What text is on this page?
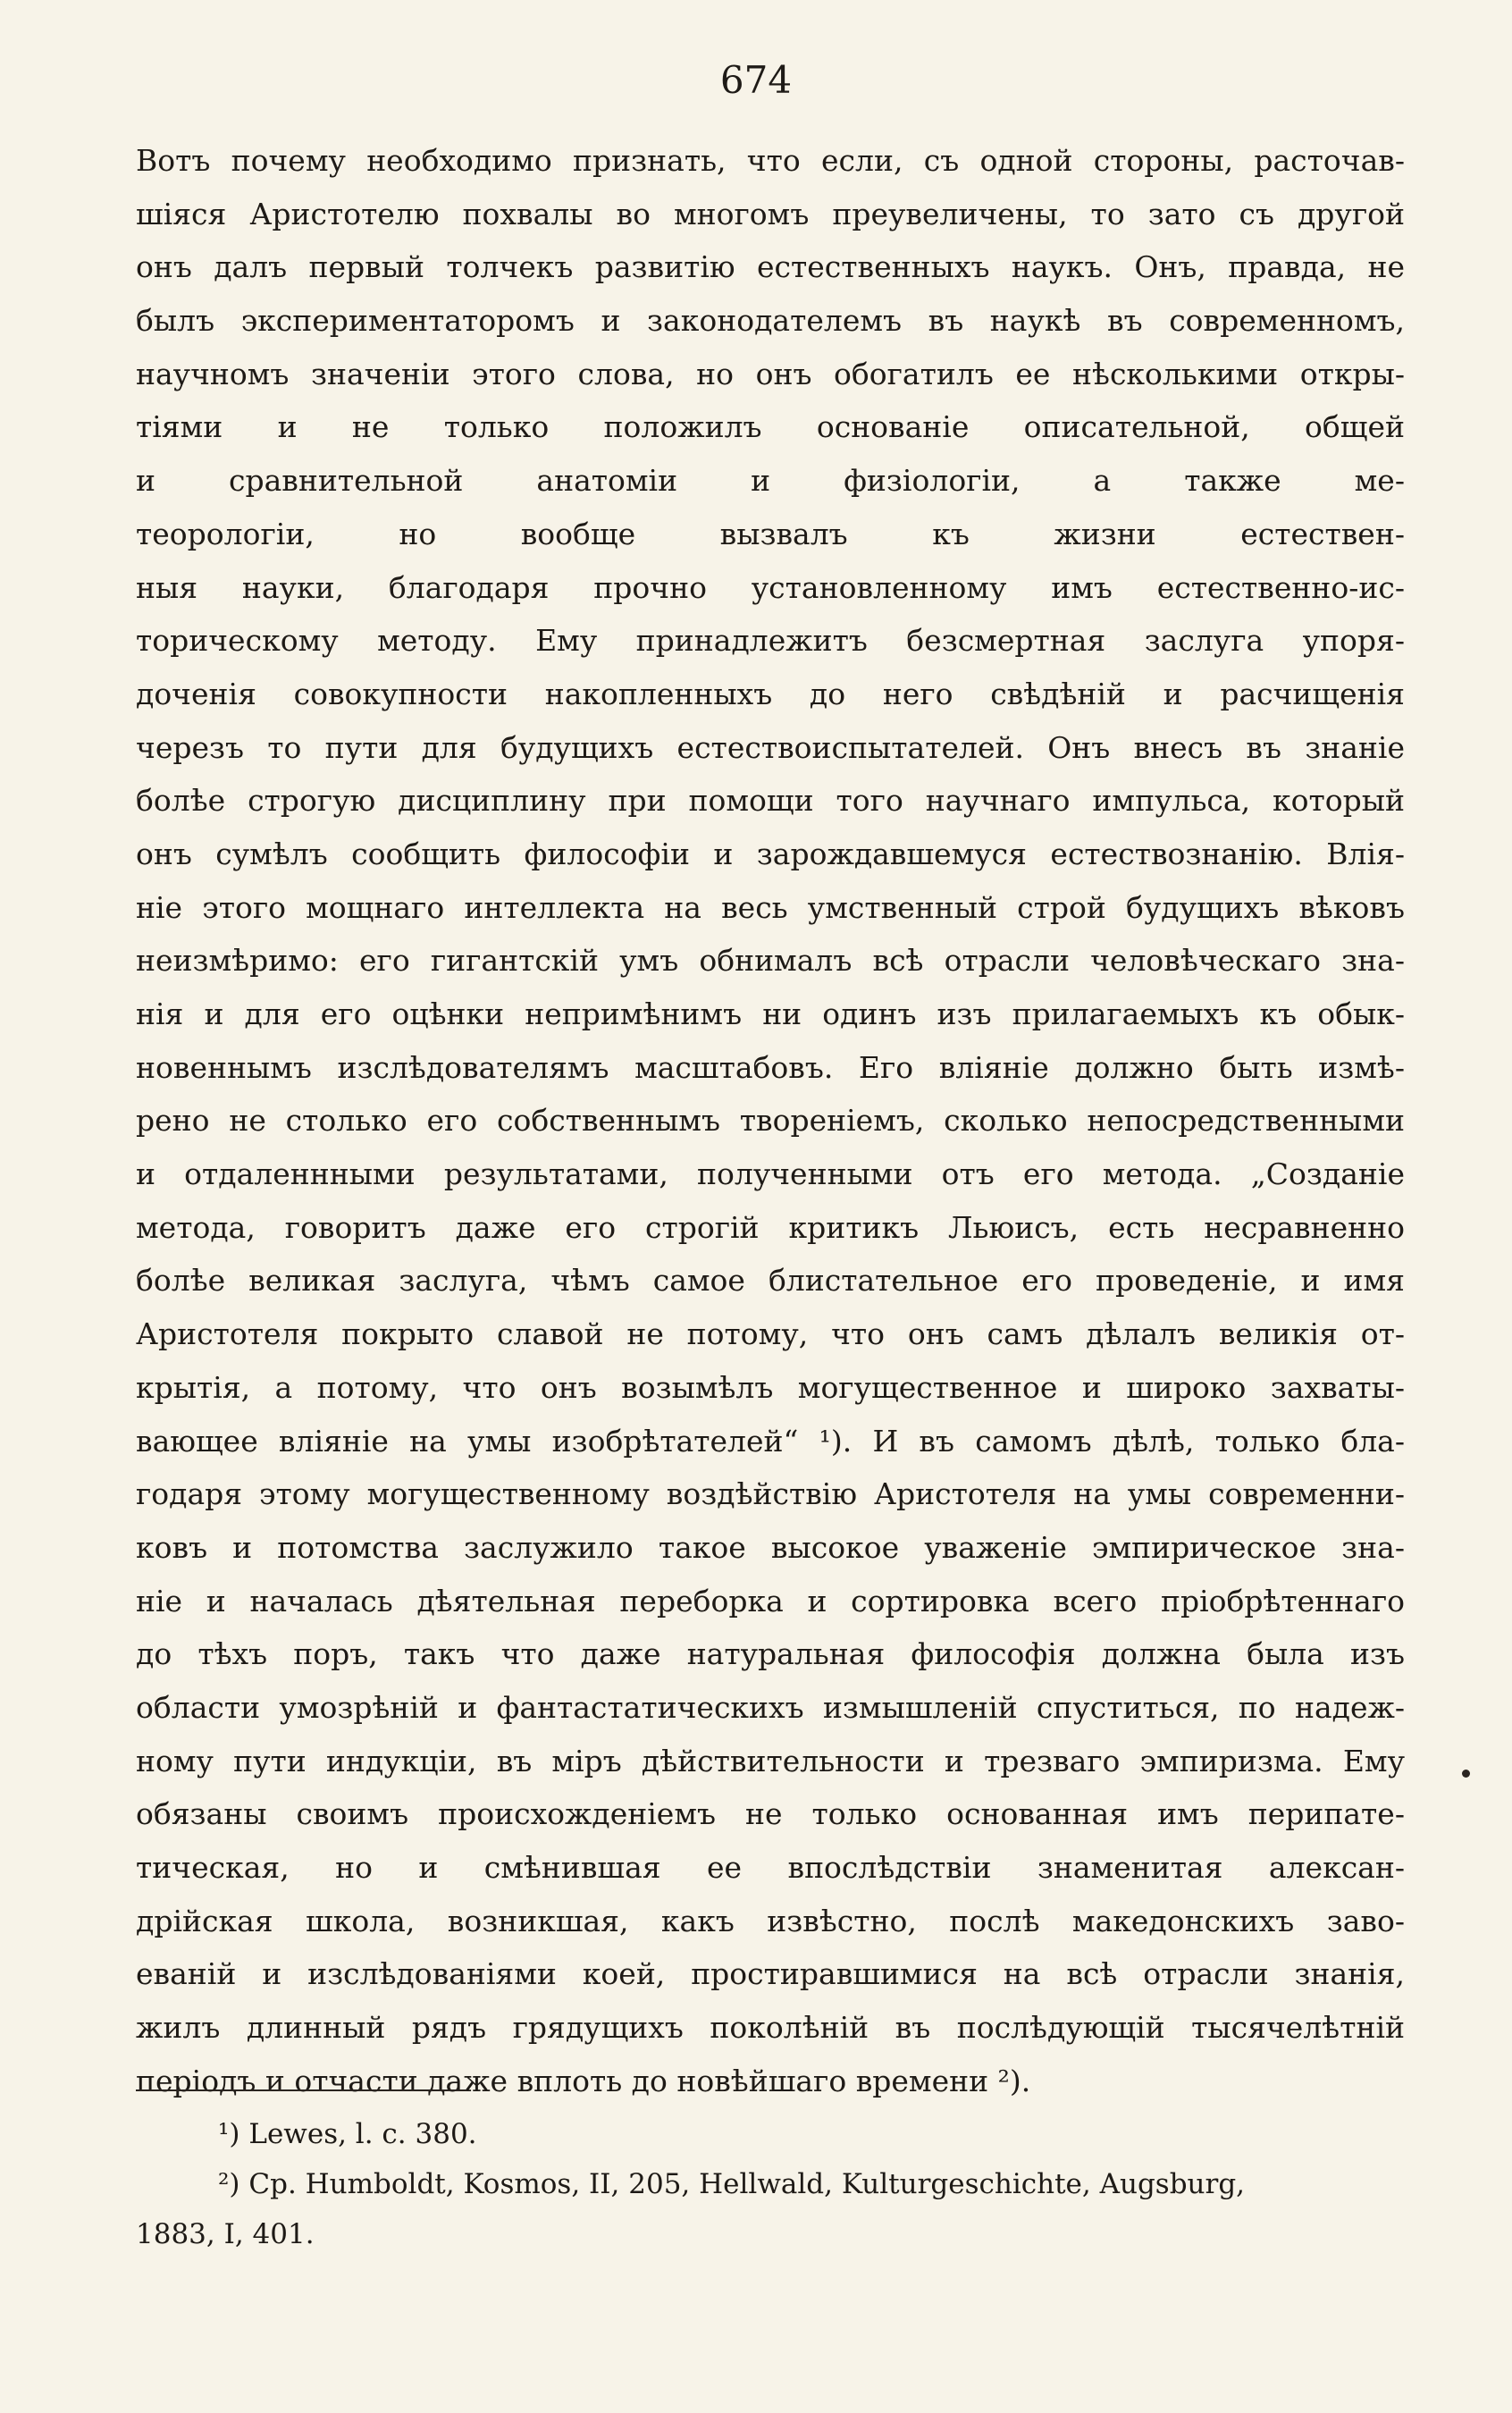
674
Вотъ почему необходимо признать, что если, съ одной стороны, расточав-
шіяся Аристотелю похвалы во многомъ преувеличены, то зато съ другой
онъ далъ первый толчекъ развитію естественныхъ наукъ. Онъ, правда, не
былъ экспериментаторомъ и законодателемъ въ наукѣ въ современномъ,
научномъ значеніи этого слова, но онъ обогатилъ ее нѣсколькими откры-
тіями и не только положилъ основаніе описательной, общей
и сравнительной анатоміи и физіологіи, а также ме-
теорологіи, но вообще вызвалъ къ жизни естествен-
ныя науки, благодаря прочно установленному имъ естественно-ис-
торическому методу. Ему принадлежитъ безсмертная заслуга упоря-
доченія совокупности накопленныхъ до него свѣдѣній и расчищенія
черезъ то пути для будущихъ естествоиспытателей. Онъ внесъ въ знаніе
болѣе строгую дисциплину при помощи того научнаго импульса, который
онъ сумѣлъ сообщить философіи и зарождавшемуся естествознанію. Влія-
ніе этого мощнаго интеллекта на весь умственный строй будущихъ вѣковъ
неизмѣримо: его гигантскій умъ обнималъ всѣ отрасли человѣческаго зна-
нія и для его оцѣнки непримѣнимъ ни одинъ изъ прилагаемыхъ къ обык-
новеннымъ изслѣдователямъ масштабовъ. Его вліяніе должно быть измѣ-
рено не столько его собственнымъ твореніемъ, сколько непосредственными
и отдаленнными результатами, полученными отъ его метода. „Созданіе
метода, говоритъ даже его строгій критикъ Льюисъ, есть несравненно
болѣе великая заслуга, чѣмъ самое блистательное его проведеніе, и имя
Аристотеля покрыто славой не потому, что онъ самъ дѣлалъ великія от-
крытія, а потому, что онъ возымѣлъ могущественное и широко захваты-
вающее вліяніе на умы изобрѣтателей“ ¹). И въ самомъ дѣлѣ, только бла-
годаря этому могущественному воздѣйствію Аристотеля на умы современни-
ковъ и потомства заслужило такое высокое уваженіе эмпирическое зна-
ніе и началась дѣятельная переборка и сортировка всего пріобрѣтеннаго
до тѣхъ поръ, такъ что даже натуральная философія должна была изъ
области умозрѣній и фантастатическихъ измышленій спуститься, по надеж-
ному пути индукціи, въ міръ дѣйствительности и трезваго эмпиризма. Ему
обязаны своимъ происхожденіемъ не только основанная имъ перипате-
тическая, но и смѣнившая ее впослѣдствіи знаменитая алексан-
дрійская школа, возникшая, какъ извѣстно, послѣ македонскихъ заво-
еваній и изслѣдованіями коей, простиравшимися на всѣ отрасли знанія,
жилъ длинный рядъ грядущихъ поколѣній въ послѣдующій тысячелѣтній
періодъ и отчасти даже вплоть до новѣйшаго времени ²).
¹) Lewes, l. c. 380.
²) Cp. Humboldt, Kosmos, II, 205, Hellwald, Kulturgeschichte, Augsburg,
1883, I, 401.
